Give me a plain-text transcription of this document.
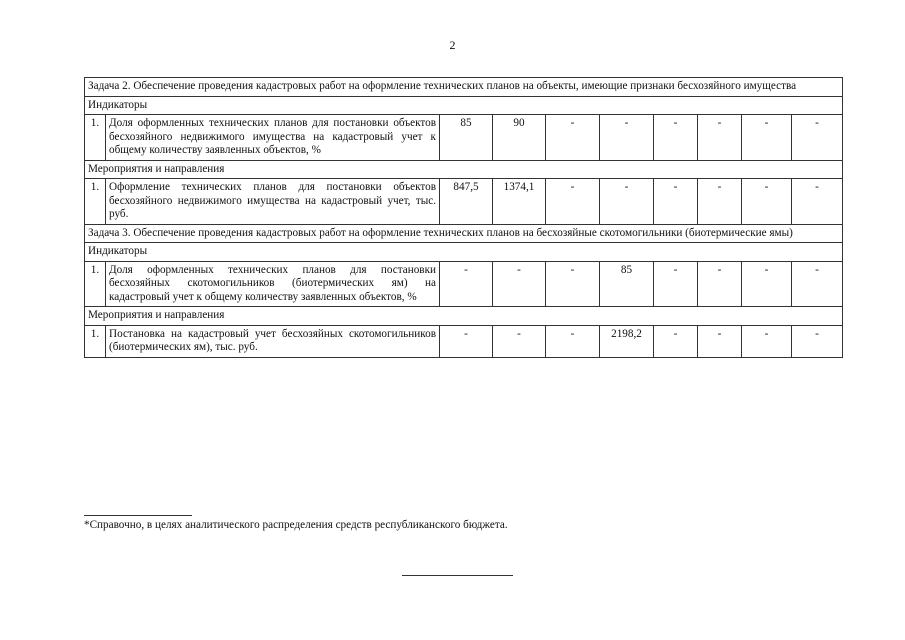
2
Задача 2. Обеспечение проведения кадастровых работ на оформление технических планов на объекты, имеющие признаки бесхозяйного имущества									
Индикаторы									
1.	Доля оформленных технических планов для постановки объектов бесхозяйного недвижимого имущества на кадастровый учет к общему количеству заявленных объектов, %	85	90	-	-	-	-	-	-
Мероприятия и направления									
1.	Оформление технических планов для постановки объектов бесхозяйного недвижимого имущества на кадастровый учет, тыс. руб.	847,5	1374,1	-	-	-	-	-	-
Задача 3. Обеспечение проведения кадастровых работ на оформление технических планов на бесхозяйные скотомогильники (биотермические ямы)									
Индикаторы									
1.	Доля оформленных технических планов для постановки бесхозяйных скотомогильников (биотермических ям) на кадастровый учет к общему количеству заявленных объектов, %	-	-	-	85	-	-	-	-
Мероприятия и направления									
1.	Постановка на кадастровый учет бесхозяйных скотомогильников (биотермических ям), тыс. руб.	-	-	-	2198,2	-	-	-	-
*Справочно, в целях аналитического распределения средств республиканского бюджета.
